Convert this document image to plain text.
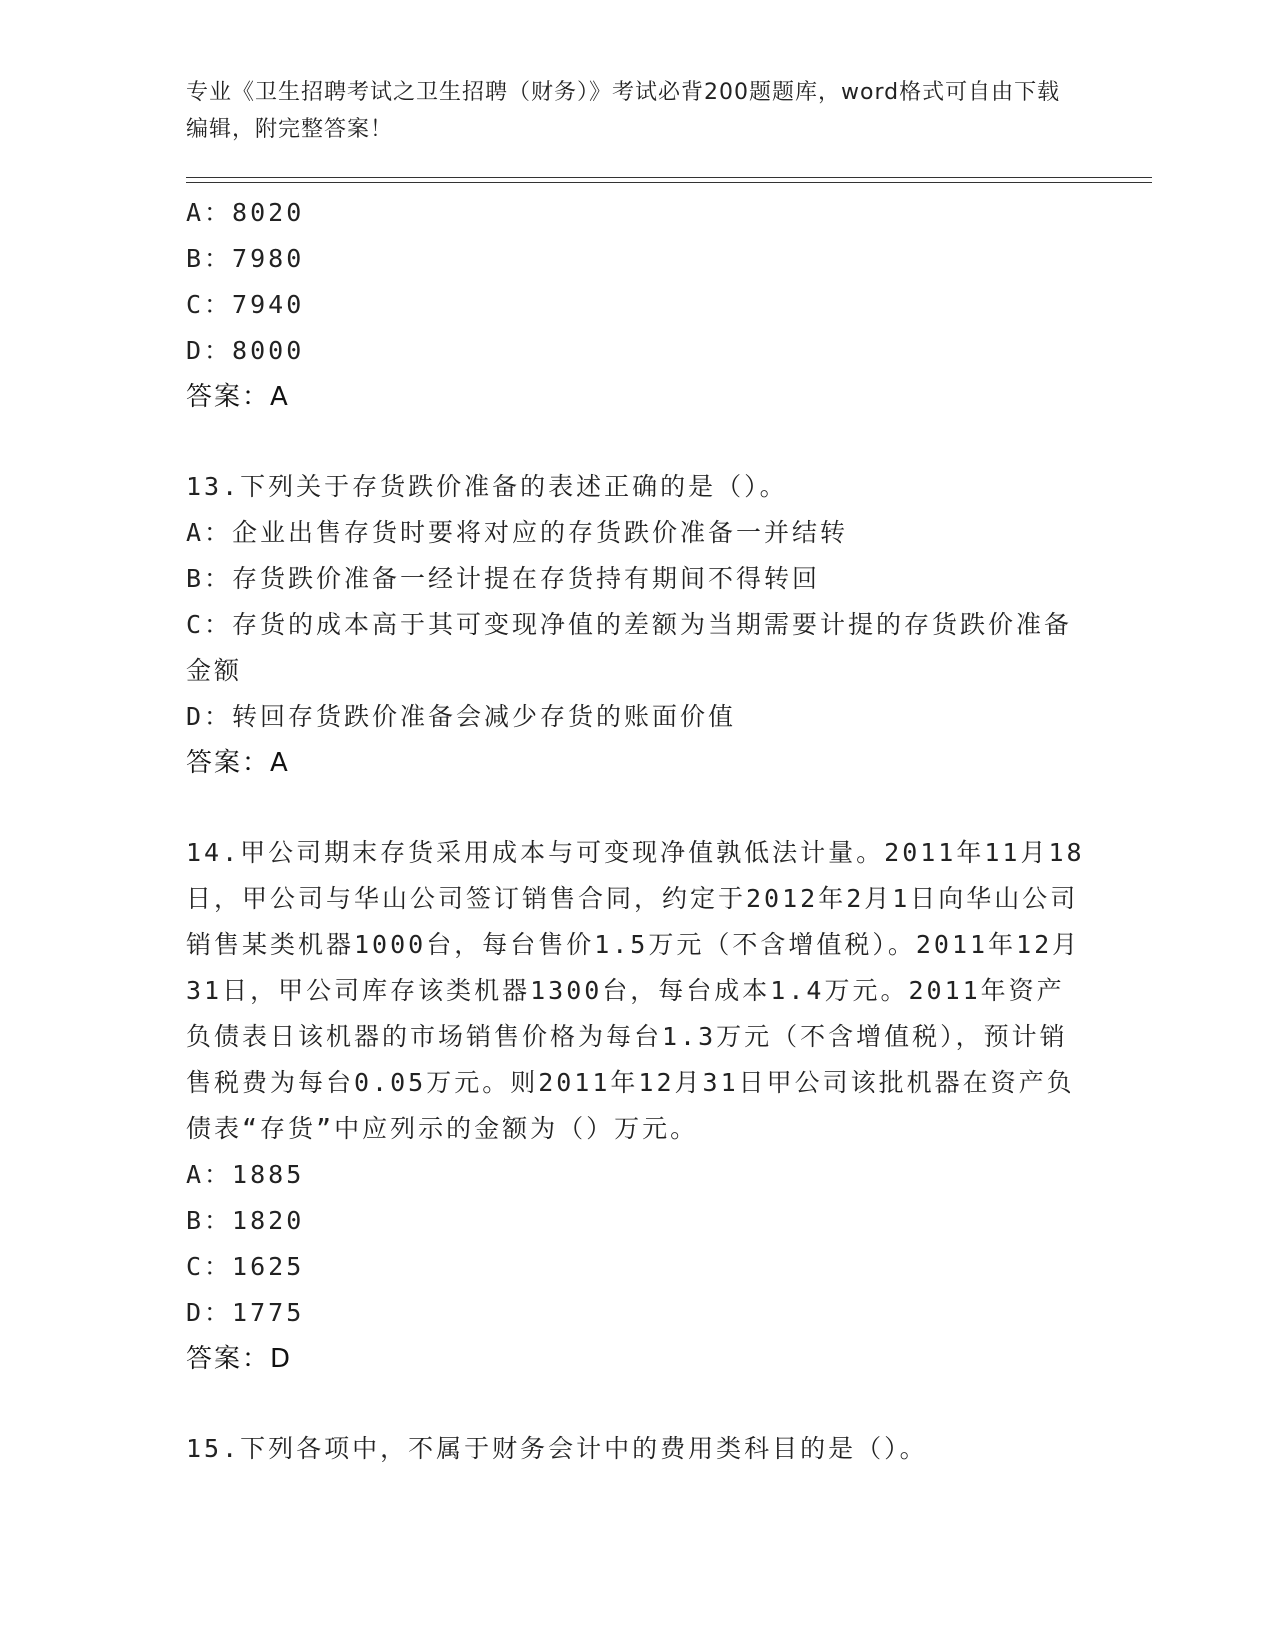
专业《卫生招聘考试之卫生招聘（财务）》考试必背200题题库，word格式可自由下载编辑，附完整答案！
A：8020
B：7980
C：7940
D：8000
答案：A
13.下列关于存货跌价准备的表述正确的是（）。
A：企业出售存货时要将对应的存货跌价准备一并结转
B：存货跌价准备一经计提在存货持有期间不得转回
C：存货的成本高于其可变现净值的差额为当期需要计提的存货跌价准备金额
D：转回存货跌价准备会减少存货的账面价值
答案：A
14.甲公司期末存货采用成本与可变现净值孰低法计量。2011年11月18日，甲公司与华山公司签订销售合同，约定于2012年2月1日向华山公司销售某类机器1000台，每台售价1.5万元（不含增值税）。2011年12月31日，甲公司库存该类机器1300台，每台成本1.4万元。2011年资产负债表日该机器的市场销售价格为每台1.3万元（不含增值税），预计销售税费为每台0.05万元。则2011年12月31日甲公司该批机器在资产负债表“存货”中应列示的金额为（）万元。
A：1885
B：1820
C：1625
D：1775
答案：D
15.下列各项中，不属于财务会计中的费用类科目的是（）。
